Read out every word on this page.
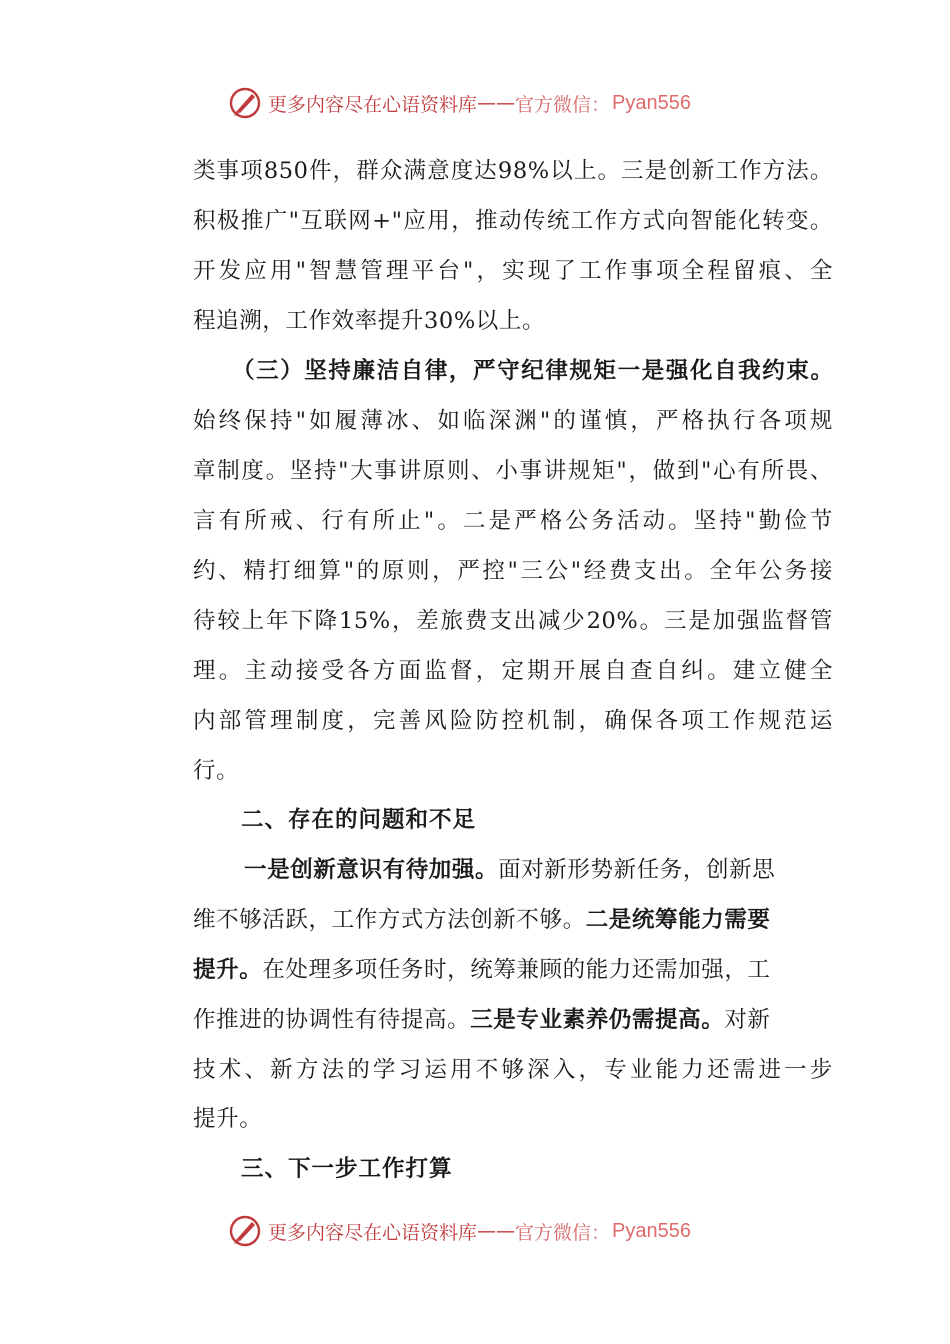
更多内容尽在心语资料库 —— 官方微信： Pyan556
类事项850件，群众满意度达98%以上。三是创新工作方法。
积极推广"互联网+"应用，推动传统工作方式向智能化转变。
开发应用"智慧管理平台"，实现了工作事项全程留痕、全
程追溯，工作效率提升30%以上。
（三）坚持廉洁自律，严守纪律规矩一是强化自我约束。
始终保持"如履薄冰、如临深渊"的谨慎，严格执行各项规
章制度。坚持"大事讲原则、小事讲规矩"，做到"心有所畏、
言有所戒、行有所止"。二是严格公务活动。坚持"勤俭节
约、精打细算"的原则，严控"三公"经费支出。全年公务接
待较上年下降15%，差旅费支出减少20%。三是加强监督管
理。主动接受各方面监督，定期开展自查自纠。建立健全
内部管理制度，完善风险防控机制，确保各项工作规范运
行。
二、存在的问题和不足
一是创新意识有待加强。面对新形势新任务，创新思
维不够活跃，工作方式方法创新不够。二是统筹能力需要
提升。在处理多项任务时，统筹兼顾的能力还需加强，工
作推进的协调性有待提高。三是专业素养仍需提高。对新
技术、新方法的学习运用不够深入，专业能力还需进一步
提升。
三、下一步工作打算
更多内容尽在心语资料库 —— 官方微信： Pyan556
